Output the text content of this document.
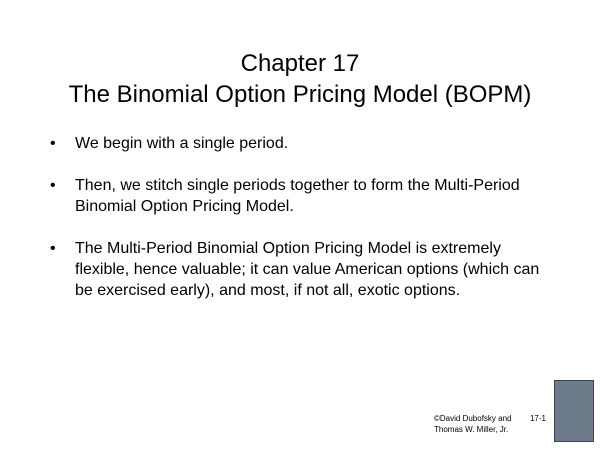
Chapter 17
The Binomial Option Pricing Model (BOPM)
• We begin with a single period.
• Then, we stitch single periods together to form the Multi-Period Binomial Option Pricing Model.
• The Multi-Period Binomial Option Pricing Model is extremely flexible, hence valuable; it can value American options (which can be exercised early), and most, if not all, exotic options.
©David Dubofsky and 17-1
Thomas W. Miller, Jr.
